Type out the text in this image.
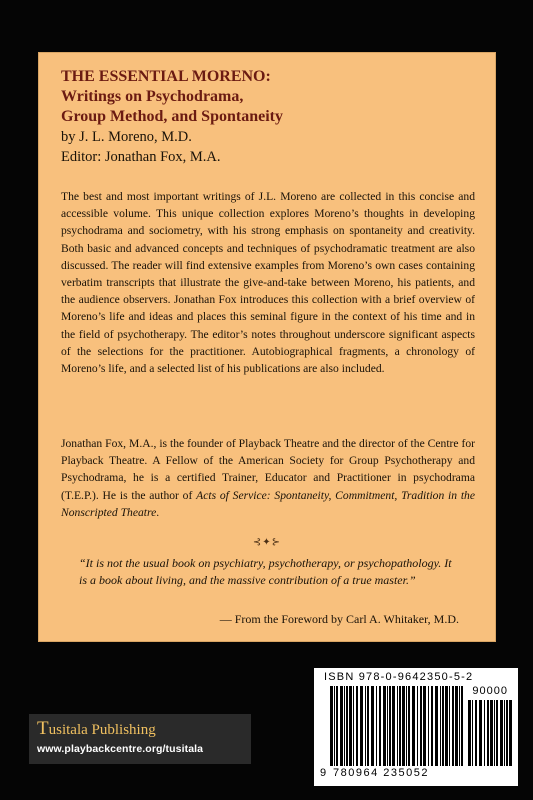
THE ESSENTIAL MORENO:
Writings on Psychodrama,
Group Method, and Spontaneity
by J. L. Moreno, M.D.
Editor: Jonathan Fox, M.A.

The best and most important writings of J.L. Moreno are collected in this concise and accessible volume. This unique collection explores Moreno’s thoughts in developing psychodrama and sociometry, with his strong emphasis on spontaneity and creativity. Both basic and advanced concepts and techniques of psychodramatic treatment are also discussed. The reader will find extensive examples from Moreno’s own cases containing verbatim transcripts that illustrate the give-and-take between Moreno, his patients, and the audience observers. Jonathan Fox introduces this collection with a brief overview of Moreno’s life and ideas and places this seminal figure in the context of his time and in the field of psychotherapy. The editor’s notes throughout underscore significant aspects of the selections for the practitioner. Autobiographical fragments, a chronology of Moreno’s life, and a selected list of his publications are also included.

Jonathan Fox, M.A., is the founder of Playback Theatre and the director of the Centre for Playback Theatre. A Fellow of the American Society for Group Psychotherapy and Psychodrama, he is a certified Trainer, Educator and Practitioner in psychodrama (T.E.P.). He is the author of Acts of Service: Spontaneity, Commitment, Tradition in the Nonscripted Theatre.

⊰✦⊱

“It is not the usual book on psychiatry, psychotherapy, or psychopathology. It is a book about living, and the massive contribution of a true master.”

— From the Foreword by Carl A. Whitaker, M.D.
Tusitala Publishing
www.playbackcentre.org/tusitala
ISBN 978-0-9642350-5-2
90000
9 780964 235052
